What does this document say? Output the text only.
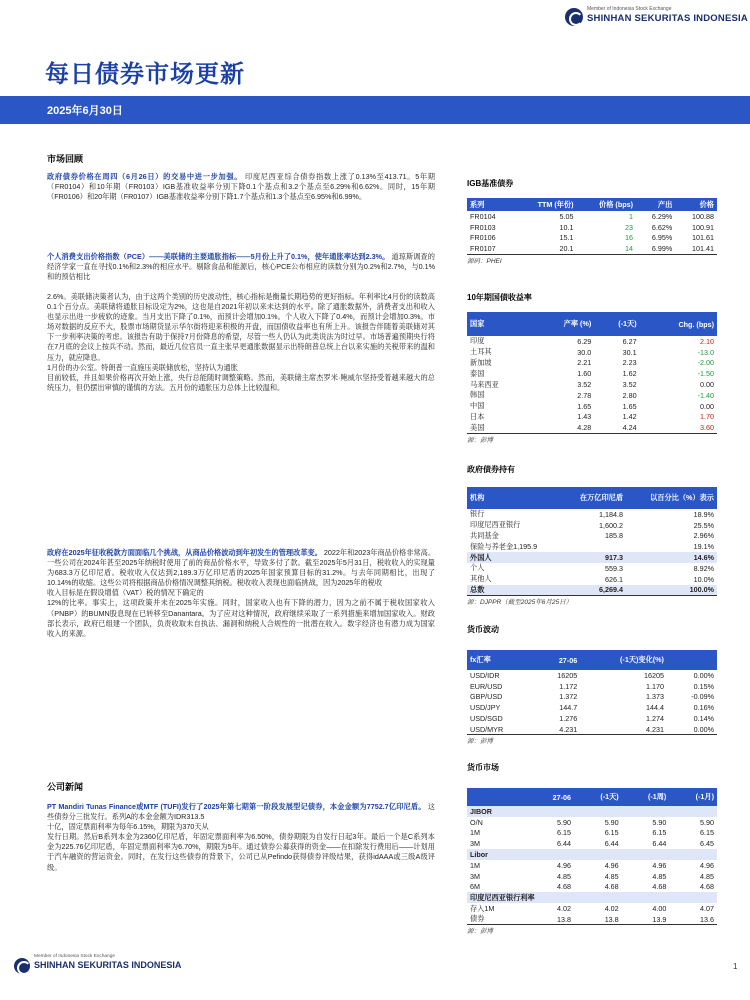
Member of Indonesia Stock Exchange
SHINHAN SEKURITAS INDONESIA
每日债券市场更新
2025年6月30日
市场回顾
政府债券价格在周四（6月26日）的交易中进一步加强。 印度尼西亚综合债券指数上涨了0.13%至413.71。5年期（FR0104）和10年期（FR0103）IGB基准收益率分别下降0.1个基点和3.2个基点至6.29%和6.62%。同时，15年期（FR0106）和20年期（FR0107）IGB基准收益率分别下降1.7个基点和1.3个基点至6.95%和6.99%。
个人消费支出价格指数（PCE）——美联储的主要通胀指标——5月份上升了0.1%，使年通胀率达到2.3%。 道琼斯调查的经济学家一直在寻找0.1%和2.3%的相应水平。剔除食品和能源后，核心PCE公布相应的读数分别为0.2%和2.7%，与0.1%和的预估相比
2.6%。美联储决策者认为，由于这两个类别的历史波动性，核心指标是衡量长期趋势的更好指标。年利率比4月份的读数高0.1个百分点。美联储将通胀目标设定为2%，这也是自2021年初以来未达到的水平。除了通胀数据外，消费者支出和收入也显示出进一步疲软的迹象。当月支出下降了0.1%，而预计会增加0.1%。个人收入下降了0.4%，而预计会增加0.3%。市场对数据的反应不大，股票市场期货显示华尔街将迎来积极的开盘，而国债收益率也有所上升。该报告伴随着美联储对其下一步利率决策的考虑。该报告有助于保持7月份降息的希望，尽管一些人仍认为此类说法为时过早。市场普遍预期央行将在7月底的会议上按兵不动。然而，最近几位官员一直主张早更通胀数据显示出特朗普总统上台以来实施的关税带来的温和压力，就应降息。
1月份的办公室。特朗普一直施压美联储放松，坚持认为通胀
目前较低，并且如果价格再次开始上涨，央行总能随时调整策略。然而，美联储主席杰罗米·鲍威尔坚持受着越来越大的总统压力，但仍摆出审慎的谨慎的方法。五月份的通胀压力总体上比较温和。
政府在2025年征收税款方面面临几个挑战，从商品价格波动到年初发生的管理改革变。 2022年和2023年商品价格非常高。一些公司在2024年甚至2025年纳税时使用了前的商品价格水平，导致多付了款。截至2025年5月31日，税收收入的实现量为683.3万亿印尼盾。税收收入仅达到2,189.3万亿印尼盾的2025年国家预算目标的31.2%。与去年同期相比，出现了10.14%的收缩。这些公司将根据商品价格情况调整其纳税。税收收入表现也面临挑战，因为2025年的税收
收入目标是在假设增值（VAT）税的情况下确定的
12%的比率。事实上，这项政策并未在2025年实施。同时，国家收入也有下降的潜力，因为之前不属于税收国家收入（PNBP）的BUMN股息现在已转移至Danantara。为了应对这种情况，政府继续采取了一系列措施来增加国家收入。财政部长表示，政府已组建一个团队，负责收取未自执法、漏洞和纳税人合规性的一批潜在收入。数字经济也有潜力成为国家收入的来源。
公司新闻
PT Mandiri Tunas Finance或MTF (TUFI)发行了2025年第七期第一阶段发展型记债券，本金金额为7752.7亿印尼盾。 这些债券分三批发行。系列A的本金金额为IDR313.5
十亿，固定票面利率为每年6.15%，期限为370天从
发行日期。然后B系列本金为2360亿印尼盾，年固定票面利率为6.50%，债券期限为自发行日起3年。最后一个是C系列本金为225.76亿印尼盾，年固定票面利率为6.70%，期限为5年。通过债券公募获得的资金——在扣除发行费用后——计划用于汽车融资的营运资金。同时，在发行这些债券的背景下，公司已从Pefindo获得债券评级结果，获得idAAA或三级A级评级。
IGB基准债券
系列	TTM (年份)	价格 (bps)	产出	价格
FR0104	5.05	1	6.29%	100.88
FR0103	10.1	23	6.62%	100.91
FR0106	15.1	16	6.95%	101.61
FR0107	20.1	14	6.99%	101.41
源码：PHEI
10年期国债收益率
国家	产率 (%)	(-1天)	Chg. (bps)
印度	6.29	6.27	2.10
土耳其	30.0	30.1	-13.0
新加坡	2.21	2.23	-2.00
泰国	1.60	1.62	-1.50
马来西亚	3.52	3.52	0.00
韩国	2.78	2.80	-1.40
中国	1.65	1.65	0.00
日本	1.43	1.42	1.70
美国	4.28	4.24	3.60
源：彭博
政府债券持有
机构	在万亿印尼盾	以百分比（%）表示
银行	1,184.8	18.9%
印度尼西亚银行	1,600.2	25.5%
共同基金	185.8	2.96%
保险与养老金1,195.9		19.1%
外国人	917.3	14.6%
个人	559.3	8.92%
其他人	626.1	10.0%
总数	6,269.4	100.0%
源：DJPPR（截至2025年6月25日）
货币波动
fx汇率	27-06	(-1天)变化(%)	
USD/IDR	16205	16205	0.00%
EUR/USD	1.172	1.170	0.15%
GBP/USD	1.372	1.373	-0.09%
USD/JPY	144.7	144.4	0.16%
USD/SGD	1.276	1.274	0.14%
USD/MYR	4.231	4.231	0.00%
源：彭博
货币市场
	27-06	(-1天)	(-1周)	(-1月)
JIBOR				
O/N	5.90	5.90	5.90	5.90
1M	6.15	6.15	6.15	6.15
3M	6.44	6.44	6.44	6.45
Libor				
1M	4.96	4.96	4.96	4.96
3M	4.85	4.85	4.85	4.85
6M	4.68	4.68	4.68	4.68
印度尼西亚银行利率				
存入1M	4.02	4.02	4.00	4.07
债券	13.8	13.8	13.9	13.6
源：彭博
Member of Indonesia Stock Exchange
SHINHAN SEKURITAS INDONESIA	1
